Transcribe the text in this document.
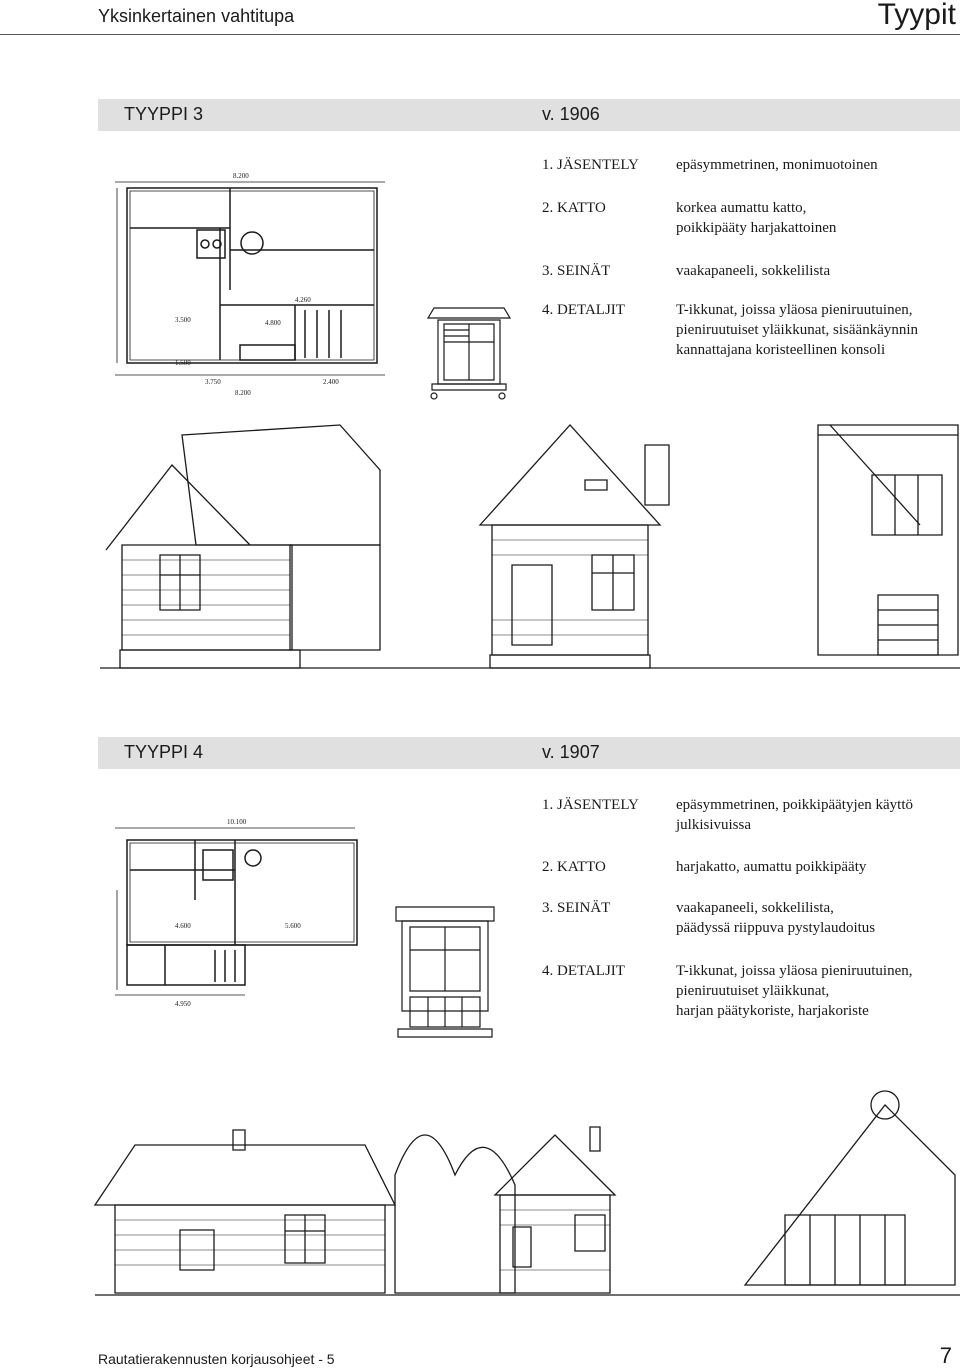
Yksinkertainen vahtitupa	Tyypit
TYYPPI 3	v. 1906
1. JÄSENTELY	epäsymmetrinen, monimuotoinen
2. KATTO	korkea aumattu katto,
poikkipääty harjakattoinen
3. SEINÄT	vaakapaneeli, sokkelilista
4. DETALJIT	T-ikkunat, joissa yläosa pieniruutuinen,
pieniruutuiset yläikkunat, sisäänkäynnin
kannattajana koristeellinen konsoli
8.200
3.500	4.800
4.260
3.750
8.200
2.400
1.500
TYYPPI 4	v. 1907
1. JÄSENTELY	epäsymmetrinen, poikkipäätyjen käyttö
julkisivuissa
2. KATTO	harjakatto, aumattu poikkipääty
3. SEINÄT	vaakapaneeli, sokkelilista,
päädyssä riippuva pystylaudoitus
4. DETALJIT	T-ikkunat, joissa yläosa pieniruutuinen,
pieniruutuiset yläikkunat,
harjan päätykoriste, harjakoriste
10.100
4.600	5.600
4.950
Rautatierakennusten korjausohjeet - 5	7
